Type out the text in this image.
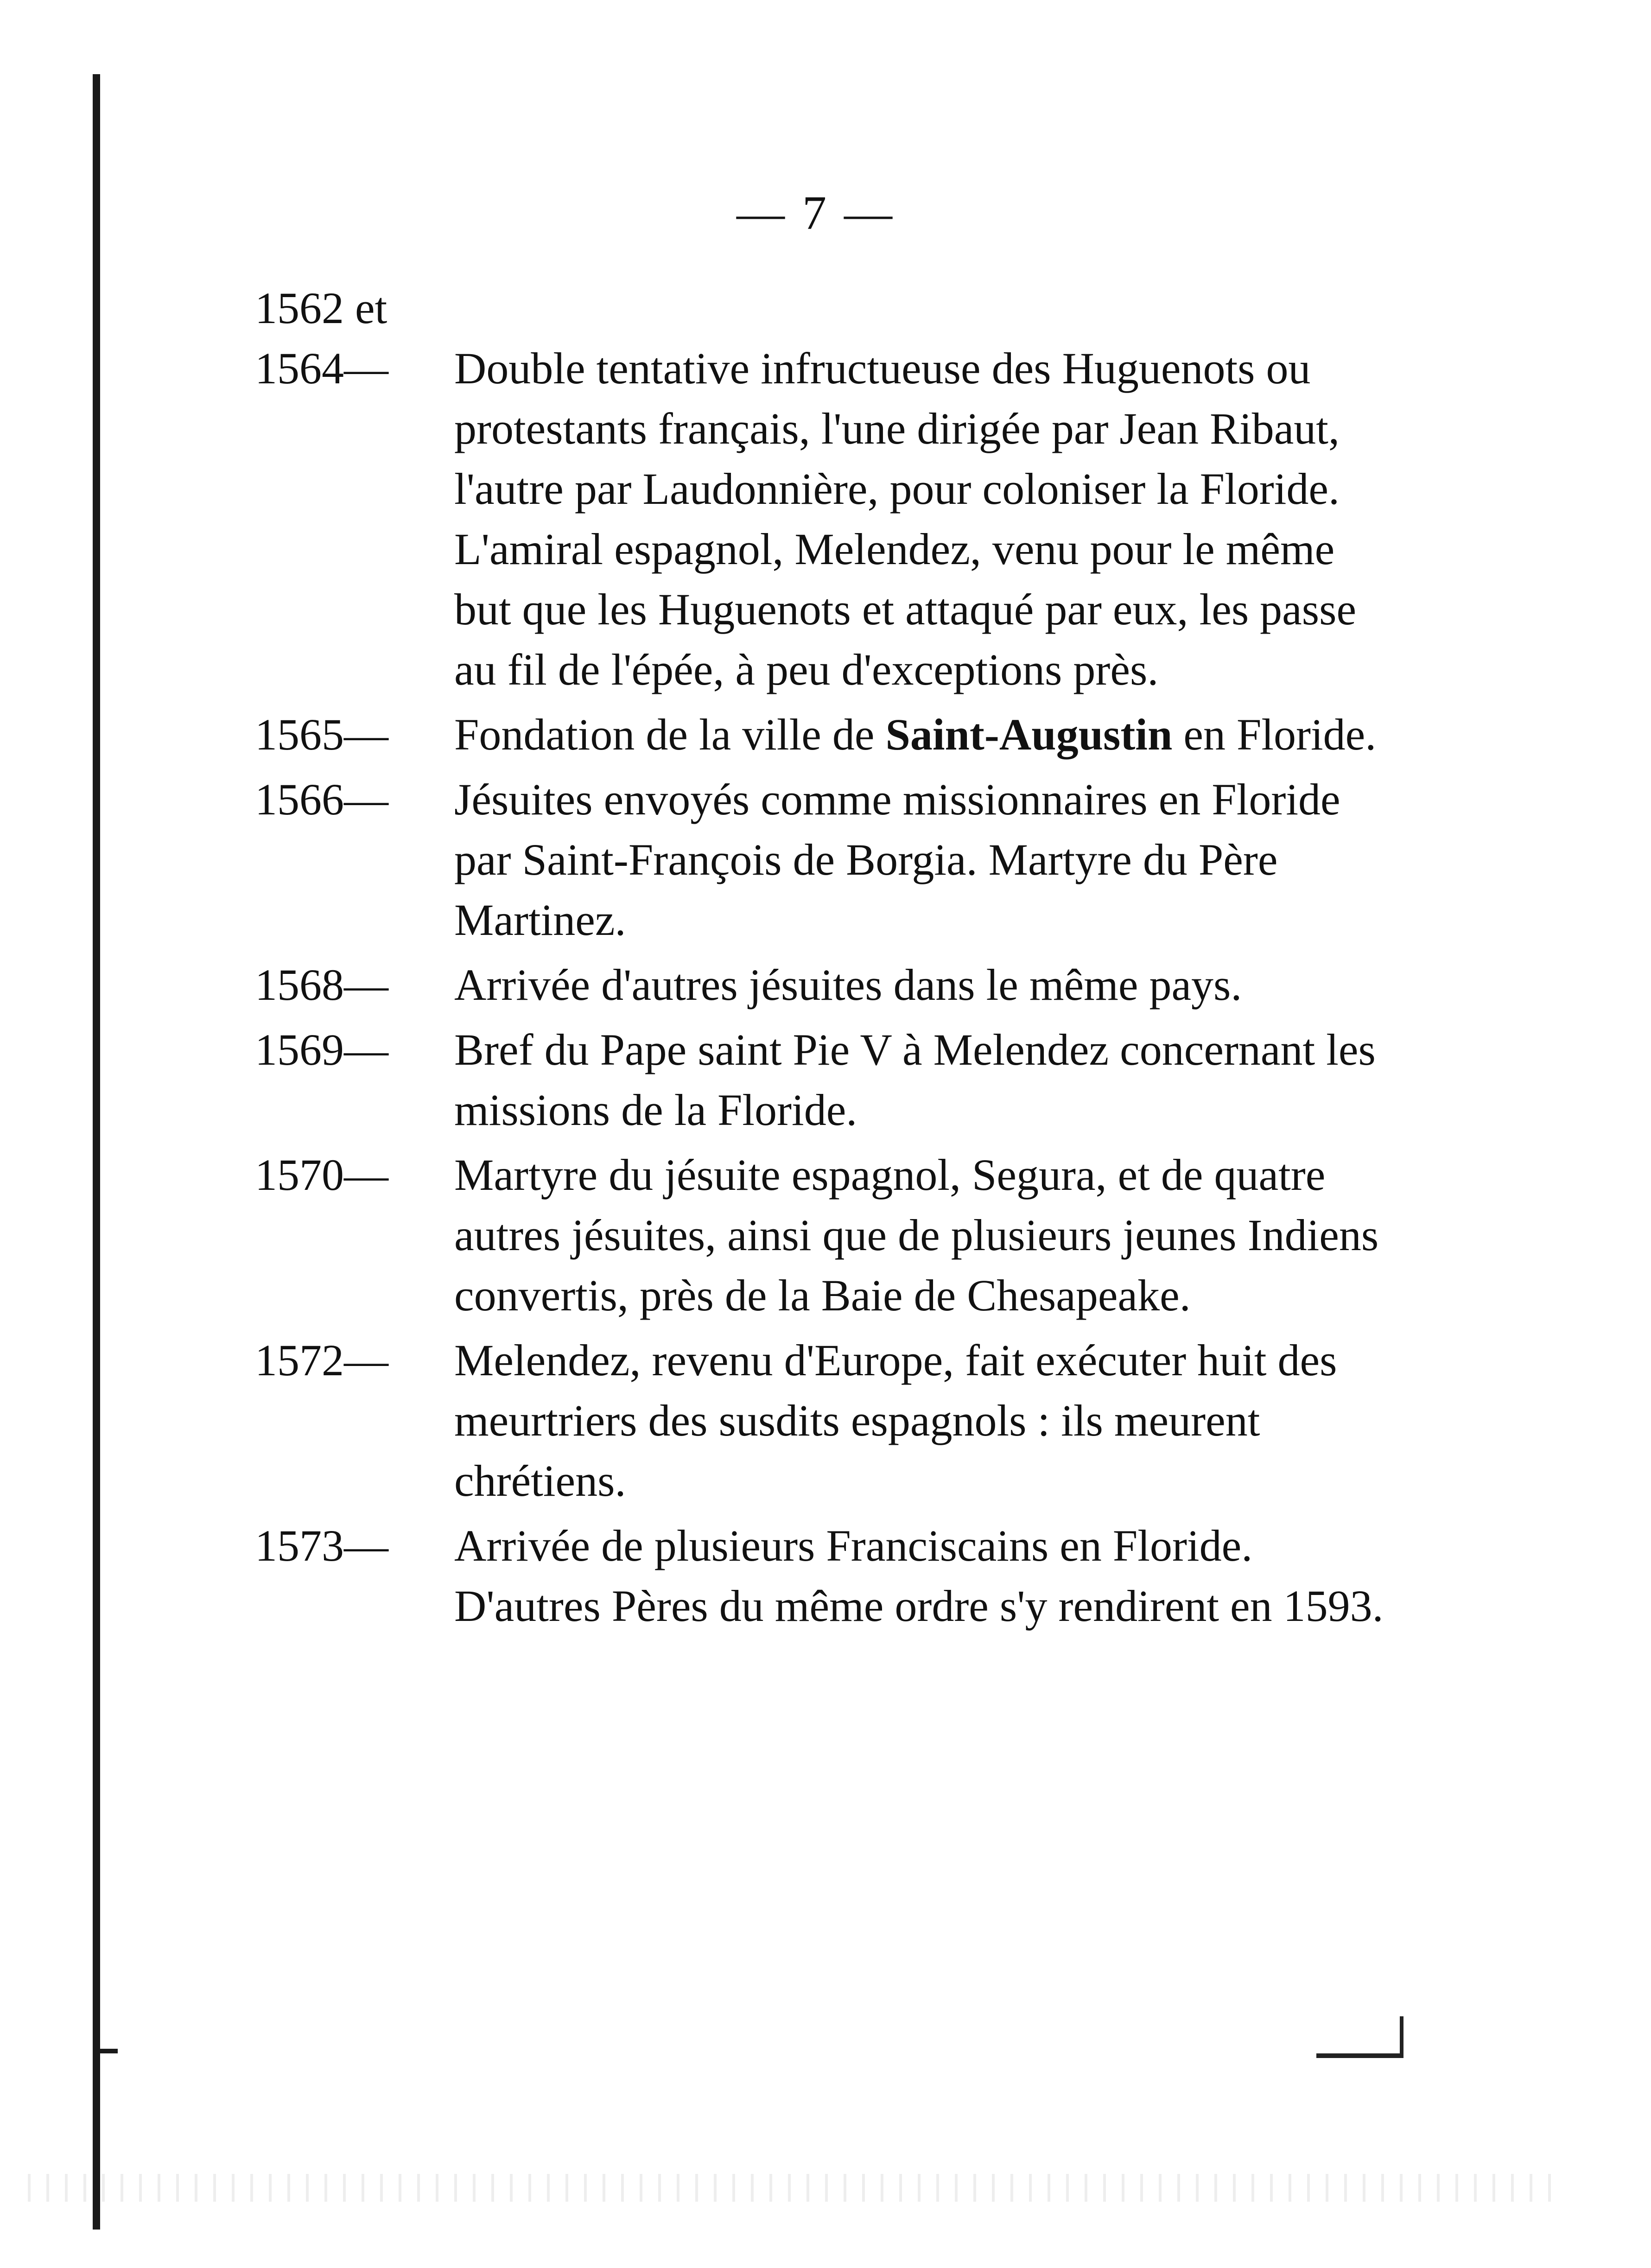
— 7 —
1562 et 1564— Double tentative infructueuse des Huguenots ou protestants français, l'une dirigée par Jean Ribaut, l'autre par Laudonnière, pour coloniser la Floride. L'amiral espagnol, Melendez, venu pour le même but que les Huguenots et attaqué par eux, les passe au fil de l'épée, à peu d'exceptions près.
1565— Fondation de la ville de Saint-Augustin en Floride.
1566— Jésuites envoyés comme missionnaires en Floride par Saint-François de Borgia. Martyre du Père Martinez.
1568— Arrivée d'autres jésuites dans le même pays.
1569— Bref du Pape saint Pie V à Melendez concernant les missions de la Floride.
1570— Martyre du jésuite espagnol, Segura, et de quatre autres jésuites, ainsi que de plusieurs jeunes Indiens convertis, près de la Baie de Chesapeake.
1572— Melendez, revenu d'Europe, fait exécuter huit des meurtriers des susdits espagnols : ils meurent chrétiens.
1573— Arrivée de plusieurs Franciscains en Floride. D'autres Pères du même ordre s'y rendirent en 1593.
